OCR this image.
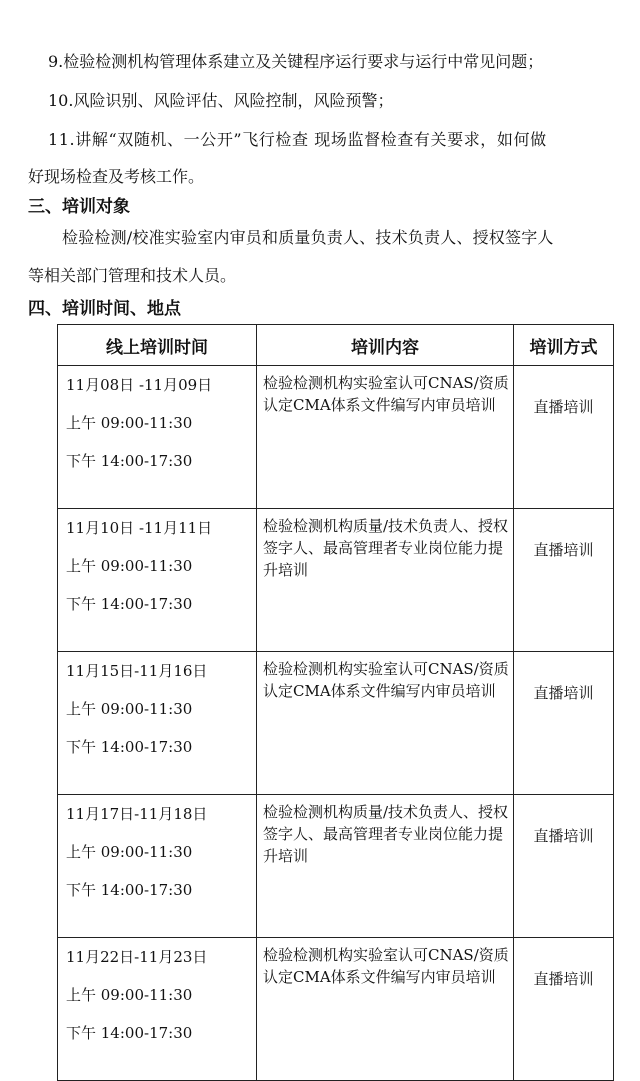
9.检验检测机构管理体系建立及关键程序运行要求与运行中常见问题；
10.风险识别、风险评估、风险控制，风险预警；
11.讲解“双随机、一公开”飞行检查 现场监督检查有关要求，如何做
好现场检查及考核工作。
三、培训对象
检验检测/校准实验室内审员和质量负责人、技术负责人、授权签字人
等相关部门管理和技术人员。
四、培训时间、地点
线上培训时间	培训内容	培训方式

11月08日 -11月09日
上午 09:00-11:30
下午 14:00-17:30	检验检测机构实验室认可CNAS/资质认定CMA体系文件编写内审员培训	直播培训

11月10日 -11月11日
上午 09:00-11:30
下午 14:00-17:30	检验检测机构质量/技术负责人、授权签字人、最高管理者专业岗位能力提升培训	直播培训

11月15日-11月16日
上午 09:00-11:30
下午 14:00-17:30	检验检测机构实验室认可CNAS/资质认定CMA体系文件编写内审员培训	直播培训

11月17日-11月18日
上午 09:00-11:30
下午 14:00-17:30	检验检测机构质量/技术负责人、授权签字人、最高管理者专业岗位能力提升培训	直播培训

11月22日-11月23日
上午 09:00-11:30
下午 14:00-17:30	检验检测机构实验室认可CNAS/资质认定CMA体系文件编写内审员培训	直播培训
